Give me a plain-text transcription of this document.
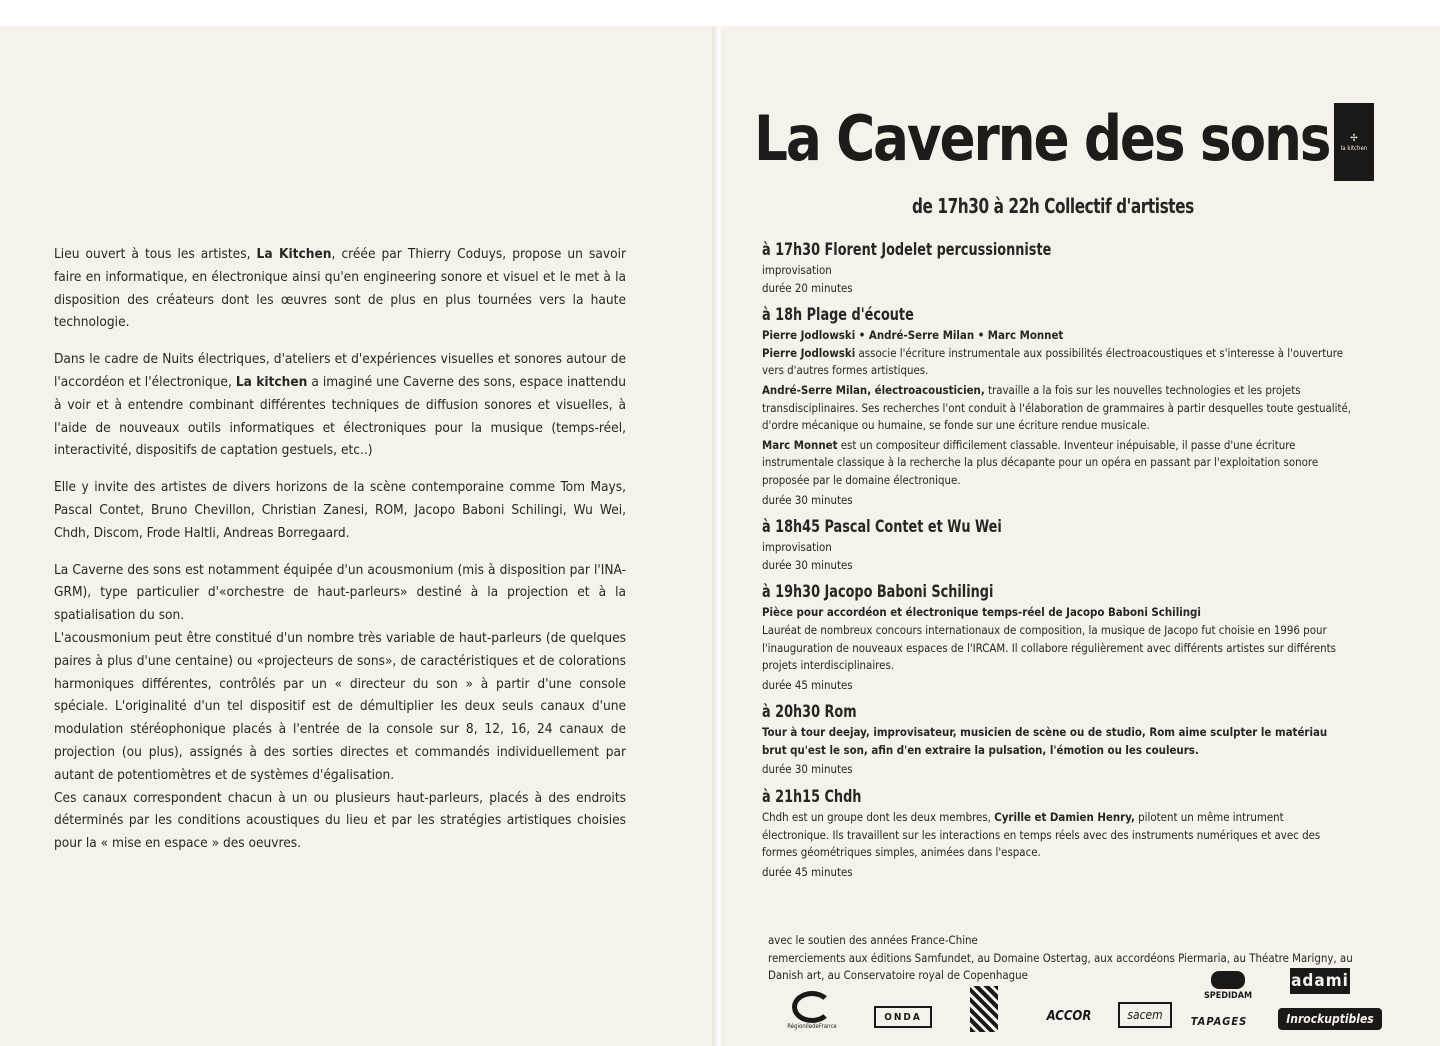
Lieu ouvert à tous les artistes, La Kitchen, créée par Thierry Coduys, propose un savoir faire en informatique, en électronique ainsi qu'en engineering sonore et visuel et le met à la disposition des créateurs dont les œuvres sont de plus en plus tournées vers la haute technologie.

Dans le cadre de Nuits électriques, d'ateliers et d'expériences visuelles et sonores autour de l'accordéon et l'électronique, La kitchen a imaginé une Caverne des sons, espace inattendu à voir et à entendre combinant différentes techniques de diffusion sonores et visuelles, à l'aide de nouveaux outils informatiques et électroniques pour la musique (temps-réel, interactivité, dispositifs de captation gestuels, etc..)

Elle y invite des artistes de divers horizons de la scène contemporaine comme Tom Mays, Pascal Contet, Bruno Chevillon, Christian Zanesi, ROM, Jacopo Baboni Schilingi, Wu Wei, Chdh, Discom, Frode Haltli, Andreas Borregaard.

La Caverne des sons est notamment équipée d'un acousmonium (mis à disposition par l'INA-GRM), type particulier d'«orchestre de haut-parleurs» destiné à la projection et à la spatialisation du son.

L'acousmonium peut être constitué d'un nombre très variable de haut-parleurs (de quelques paires à plus d'une centaine) ou «projecteurs de sons», de caractéristiques et de colorations harmoniques différentes, contrôlés par un « directeur du son » à partir d'une console spéciale. L'originalité d'un tel dispositif est de démultiplier les deux seuls canaux d'une modulation stéréophonique placés à l'entrée de la console sur 8, 12, 16, 24 canaux de projection (ou plus), assignés à des sorties directes et commandés individuellement par autant de potentiomètres et de systèmes d'égalisation.

Ces canaux correspondent chacun à un ou plusieurs haut-parleurs, placés à des endroits déterminés par les conditions acoustiques du lieu et par les stratégies artistiques choisies pour la « mise en espace » des oeuvres.

La Caverne des sons ✢
la kitchen
de 17h30 à 22h Collectif d'artistes
à 17h30 Florent Jodelet percussionniste
improvisation
durée 20 minutes
à 18h Plage d'écoute
Pierre Jodlowski • André-Serre Milan • Marc Monnet

Pierre Jodlowski associe l'écriture instrumentale aux possibilités électroacoustiques et s'interesse à l'ouverture vers d'autres formes artistiques.

André-Serre Milan, électroacousticien, travaille a la fois sur les nouvelles technologies et les projets transdisciplinaires. Ses recherches l'ont conduit à l'élaboration de grammaires à partir desquelles toute gestualité, d'ordre mécanique ou humaine, se fonde sur une écriture rendue musicale.

Marc Monnet est un compositeur difficilement classable. Inventeur inépuisable, il passe d'une écriture instrumentale classique à la recherche la plus décapante pour un opéra en passant par l'exploitation sonore proposée par le domaine électronique.

durée 30 minutes
à 18h45 Pascal Contet et Wu Wei
improvisation
durée 30 minutes
à 19h30 Jacopo Baboni Schilingi
Pièce pour accordéon et électronique temps-réel de Jacopo Baboni Schilingi

Lauréat de nombreux concours internationaux de composition, la musique de Jacopo fut choisie en 1996 pour l'inauguration de nouveaux espaces de l'IRCAM. Il collabore régulièrement avec différents artistes sur différents projets interdisciplinaires.

durée 45 minutes
à 20h30 Rom

Tour à tour deejay, improvisateur, musicien de scène ou de studio, Rom aime sculpter le matériau brut qu'est le son, afin d'en extraire la pulsation, l'émotion ou les couleurs.

durée 30 minutes
à 21h15 Chdh

Chdh est un groupe dont les deux membres, Cyrille et Damien Henry, pilotent un même intrument électronique. Ils travaillent sur les interactions en temps réels avec des instruments numériques et avec des formes géométriques simples, animées dans l'espace.

durée 45 minutes

avec le soutien des années France-Chine

remerciements aux éditions Samfundet, au Domaine Ostertag, aux accordéons Piermaria, au Théatre Marigny, au Danish art, au Conservatoire royal de Copenhague

RégionIledeFrance
ONDA	ACCOR	sacem
SPEDIDAM
adami
TAPAGES	Inrockuptibles
